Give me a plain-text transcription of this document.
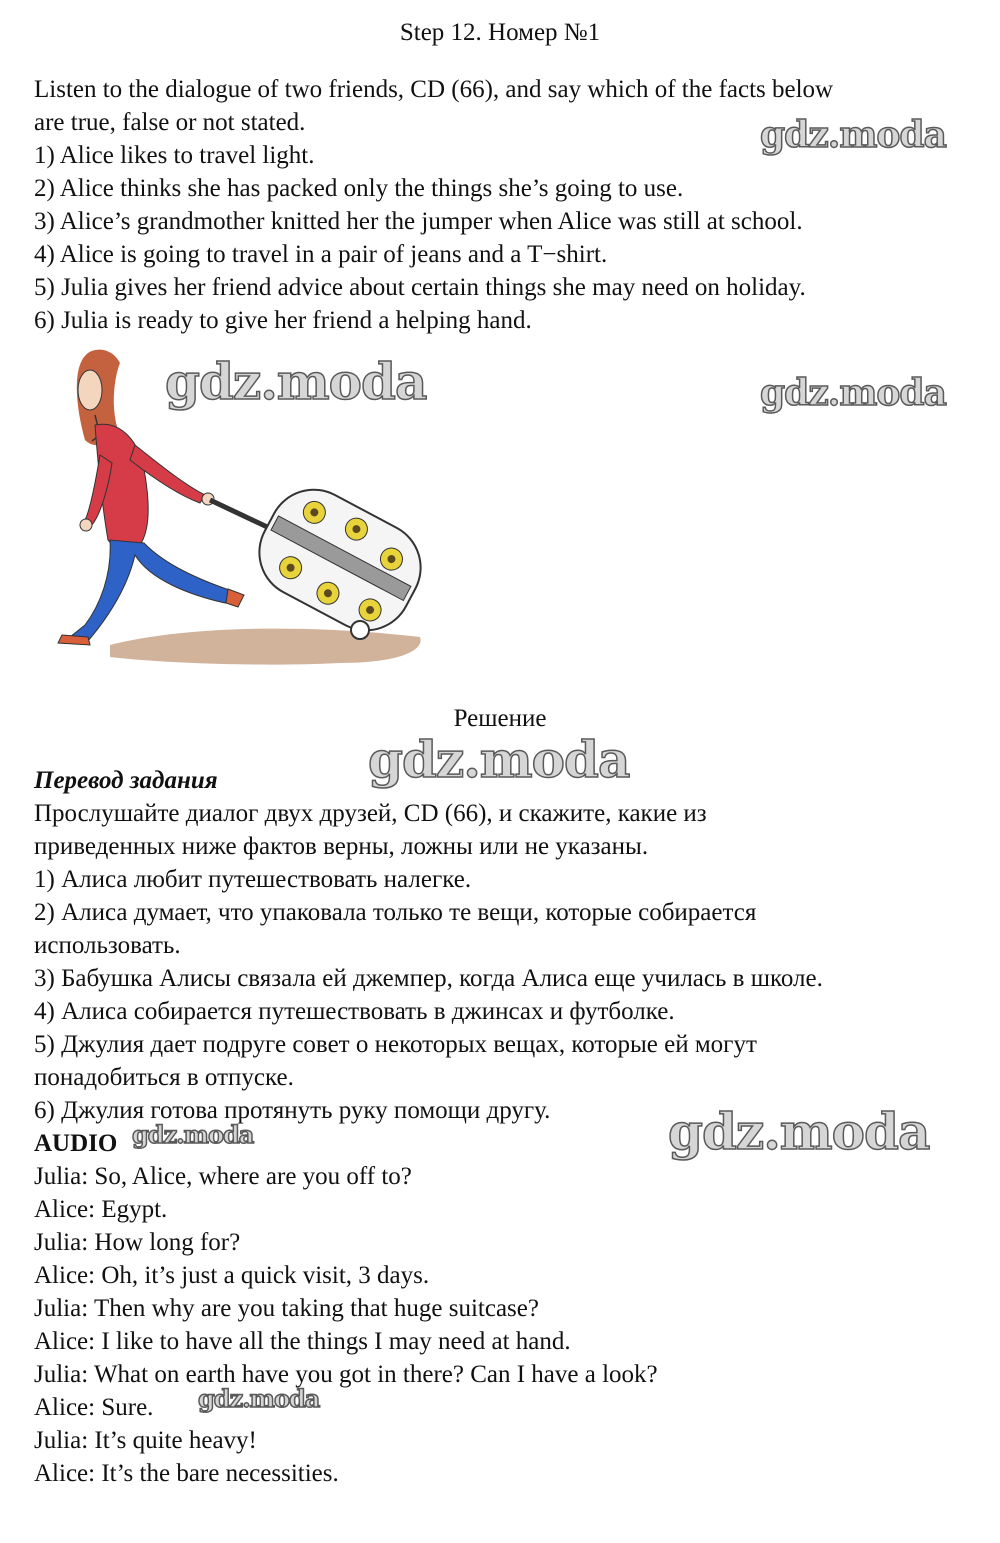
Step 12. Номер №1
Listen to the dialogue of two friends, CD (66), and say which of the facts below
are true, false or not stated.
1) Alice likes to travel light.
2) Alice thinks she has packed only the things she’s going to use.
3) Alice’s grandmother knitted her the jumper when Alice was still at school.
4) Alice is going to travel in a pair of jeans and a T−shirt.
5) Julia gives her friend advice about certain things she may need on holiday.
6) Julia is ready to give her friend a helping hand.
Решение
Перевод задания
Прослушайте диалог двух друзей, CD (66), и скажите, какие из
приведенных ниже фактов верны, ложны или не указаны.
1) Алиса любит путешествовать налегке.
2) Алиса думает, что упаковала только те вещи, которые собирается
использовать.
3) Бабушка Алисы связала ей джемпер, когда Алиса еще училась в школе.
4) Алиса собирается путешествовать в джинсах и футболке.
5) Джулия дает подруге совет о некоторых вещах, которые ей могут
понадобиться в отпуске.
6) Джулия готова протянуть руку помощи другу.
AUDIO
Julia: So, Alice, where are you off to?
Alice: Egypt.
Julia: How long for?
Alice: Oh, it’s just a quick visit, 3 days.
Julia: Then why are you taking that huge suitcase?
Alice: I like to have all the things I may need at hand.
Julia: What on earth have you got in there? Can I have a look?
Alice: Sure.
Julia: It’s quite heavy!
Alice: It’s the bare necessities.
gdz.moda
gdz.moda	gdz.moda
gdz.moda
gdz.moda
gdz.moda
gdz.moda
